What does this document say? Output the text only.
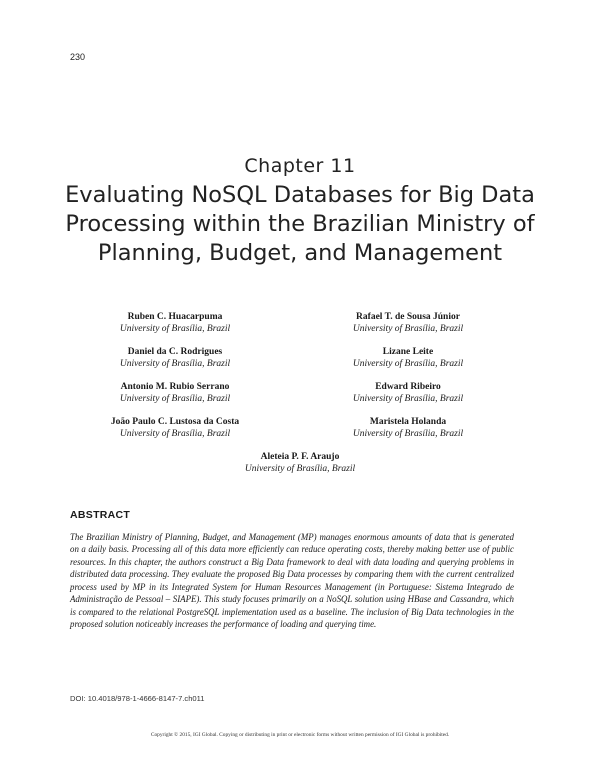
230
Chapter 11
Evaluating NoSQL Databases for Big Data Processing within the Brazilian Ministry of Planning, Budget, and Management
Ruben C. Huacarpuma
University of Brasília, Brazil
Daniel da C. Rodrigues
University of Brasília, Brazil
Antonio M. Rubio Serrano
University of Brasília, Brazil
João Paulo C. Lustosa da Costa
University of Brasília, Brazil
Rafael T. de Sousa Júnior
University of Brasília, Brazil
Lizane Leite
University of Brasília, Brazil
Edward Ribeiro
University of Brasília, Brazil
Maristela Holanda
University of Brasília, Brazil
Aleteia P. F. Araujo
University of Brasília, Brazil
ABSTRACT

The Brazilian Ministry of Planning, Budget, and Management (MP) manages enormous amounts of data that is generated on a daily basis. Processing all of this data more efficiently can reduce operating costs, thereby making better use of public resources. In this chapter, the authors construct a Big Data framework to deal with data loading and querying problems in distributed data processing. They evaluate the proposed Big Data processes by comparing them with the current centralized process used by MP in its Integrated System for Human Resources Management (in Portuguese: Sistema Integrado de Administração de Pessoal – SIAPE). This study focuses primarily on a NoSQL solution using HBase and Cassandra, which is compared to the relational PostgreSQL implementation used as a baseline. The inclusion of Big Data technologies in the proposed solution noticeably increases the performance of loading and querying time.

DOI: 10.4018/978-1-4666-8147-7.ch011
Copyright © 2015, IGI Global. Copying or distributing in print or electronic forms without written permission of IGI Global is prohibited.
